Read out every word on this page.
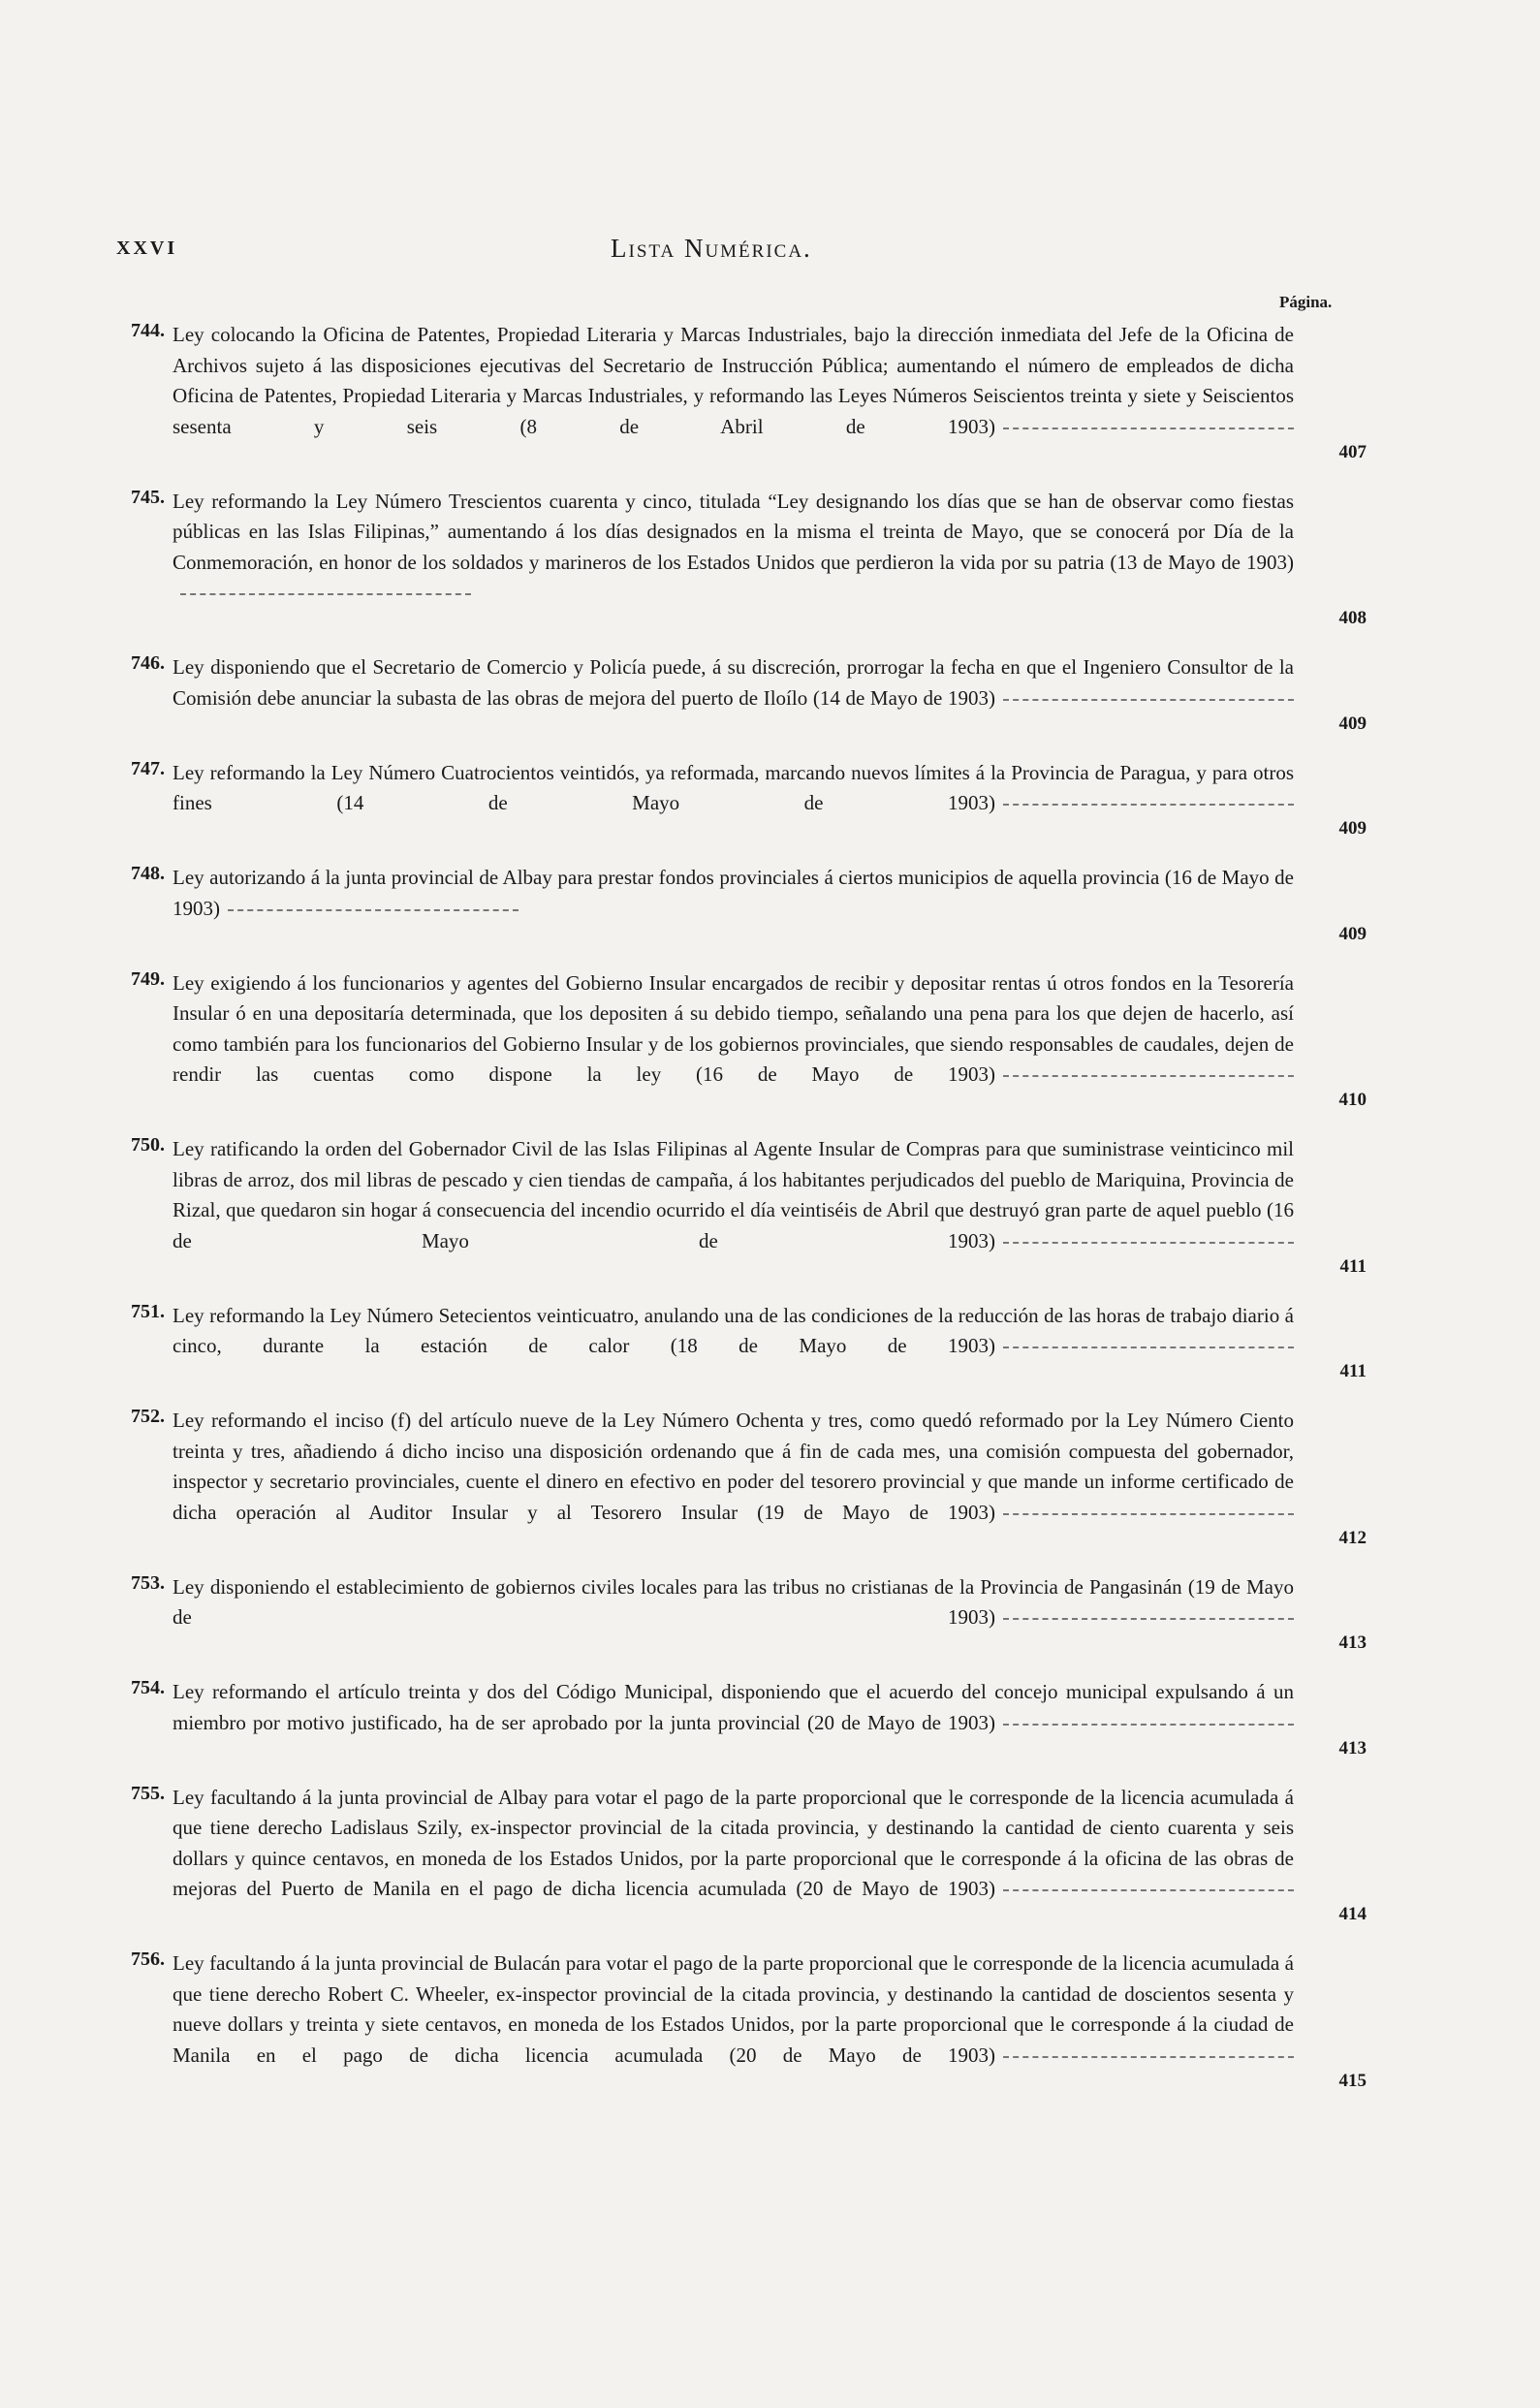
XXVI	Lista Numérica.
Página.
744. Ley colocando la Oficina de Patentes, Propiedad Literaria y Marcas Industriales, bajo la dirección inmediata del Jefe de la Oficina de Archivos sujeto á las disposiciones ejecutivas del Secretario de Instrucción Pública; aumentando el número de empleados de dicha Oficina de Patentes, Propiedad Literaria y Marcas Industriales, y reformando las Leyes Números Seiscientos treinta y siete y Seiscientos sesenta y seis (8 de Abril de 1903)
407
745. Ley reformando la Ley Número Trescientos cuarenta y cinco, titulada “Ley designando los días que se han de observar como fiestas públicas en las Islas Filipinas,” aumentando á los días designados en la misma el treinta de Mayo, que se conocerá por Día de la Conmemoración, en honor de los soldados y marineros de los Estados Unidos que perdieron la vida por su patria (13 de Mayo de 1903)
408
746. Ley disponiendo que el Secretario de Comercio y Policía puede, á su discreción, prorrogar la fecha en que el Ingeniero Consultor de la Comisión debe anunciar la subasta de las obras de mejora del puerto de Iloílo (14 de Mayo de 1903)
409
747. Ley reformando la Ley Número Cuatrocientos veintidós, ya reformada, marcando nuevos límites á la Provincia de Paragua, y para otros fines (14 de Mayo de 1903)
409
748. Ley autorizando á la junta provincial de Albay para prestar fondos provinciales á ciertos municipios de aquella provincia (16 de Mayo de 1903)
409
749. Ley exigiendo á los funcionarios y agentes del Gobierno Insular encargados de recibir y depositar rentas ú otros fondos en la Tesorería Insular ó en una depositaría determinada, que los depositen á su debido tiempo, señalando una pena para los que dejen de hacerlo, así como también para los funcionarios del Gobierno Insular y de los gobiernos provinciales, que siendo responsables de caudales, dejen de rendir las cuentas como dispone la ley (16 de Mayo de 1903)
410
750. Ley ratificando la orden del Gobernador Civil de las Islas Filipinas al Agente Insular de Compras para que suministrase veinticinco mil libras de arroz, dos mil libras de pescado y cien tiendas de campaña, á los habitantes perjudicados del pueblo de Mariquina, Provincia de Rizal, que quedaron sin hogar á consecuencia del incendio ocurrido el día veintiséis de Abril que destruyó gran parte de aquel pueblo (16 de Mayo de 1903)
411
751. Ley reformando la Ley Número Setecientos veinticuatro, anulando una de las condiciones de la reducción de las horas de trabajo diario á cinco, durante la estación de calor (18 de Mayo de 1903)
411
752. Ley reformando el inciso (f) del artículo nueve de la Ley Número Ochenta y tres, como quedó reformado por la Ley Número Ciento treinta y tres, añadiendo á dicho inciso una disposición ordenando que á fin de cada mes, una comisión compuesta del gobernador, inspector y secretario provinciales, cuente el dinero en efectivo en poder del tesorero provincial y que mande un informe certificado de dicha operación al Auditor Insular y al Tesorero Insular (19 de Mayo de 1903)
412
753. Ley disponiendo el establecimiento de gobiernos civiles locales para las tribus no cristianas de la Provincia de Pangasinán (19 de Mayo de 1903)
413
754. Ley reformando el artículo treinta y dos del Código Municipal, disponiendo que el acuerdo del concejo municipal expulsando á un miembro por motivo justificado, ha de ser aprobado por la junta provincial (20 de Mayo de 1903)
413
755. Ley facultando á la junta provincial de Albay para votar el pago de la parte proporcional que le corresponde de la licencia acumulada á que tiene derecho Ladislaus Szily, ex-inspector provincial de la citada provincia, y destinando la cantidad de ciento cuarenta y seis dollars y quince centavos, en moneda de los Estados Unidos, por la parte proporcional que le corresponde á la oficina de las obras de mejoras del Puerto de Manila en el pago de dicha licencia acumulada (20 de Mayo de 1903)
414
756. Ley facultando á la junta provincial de Bulacán para votar el pago de la parte proporcional que le corresponde de la licencia acumulada á que tiene derecho Robert C. Wheeler, ex-inspector provincial de la citada provincia, y destinando la cantidad de doscientos sesenta y nueve dollars y treinta y siete centavos, en moneda de los Estados Unidos, por la parte proporcional que le corresponde á la ciudad de Manila en el pago de dicha licencia acumulada (20 de Mayo de 1903)
415
